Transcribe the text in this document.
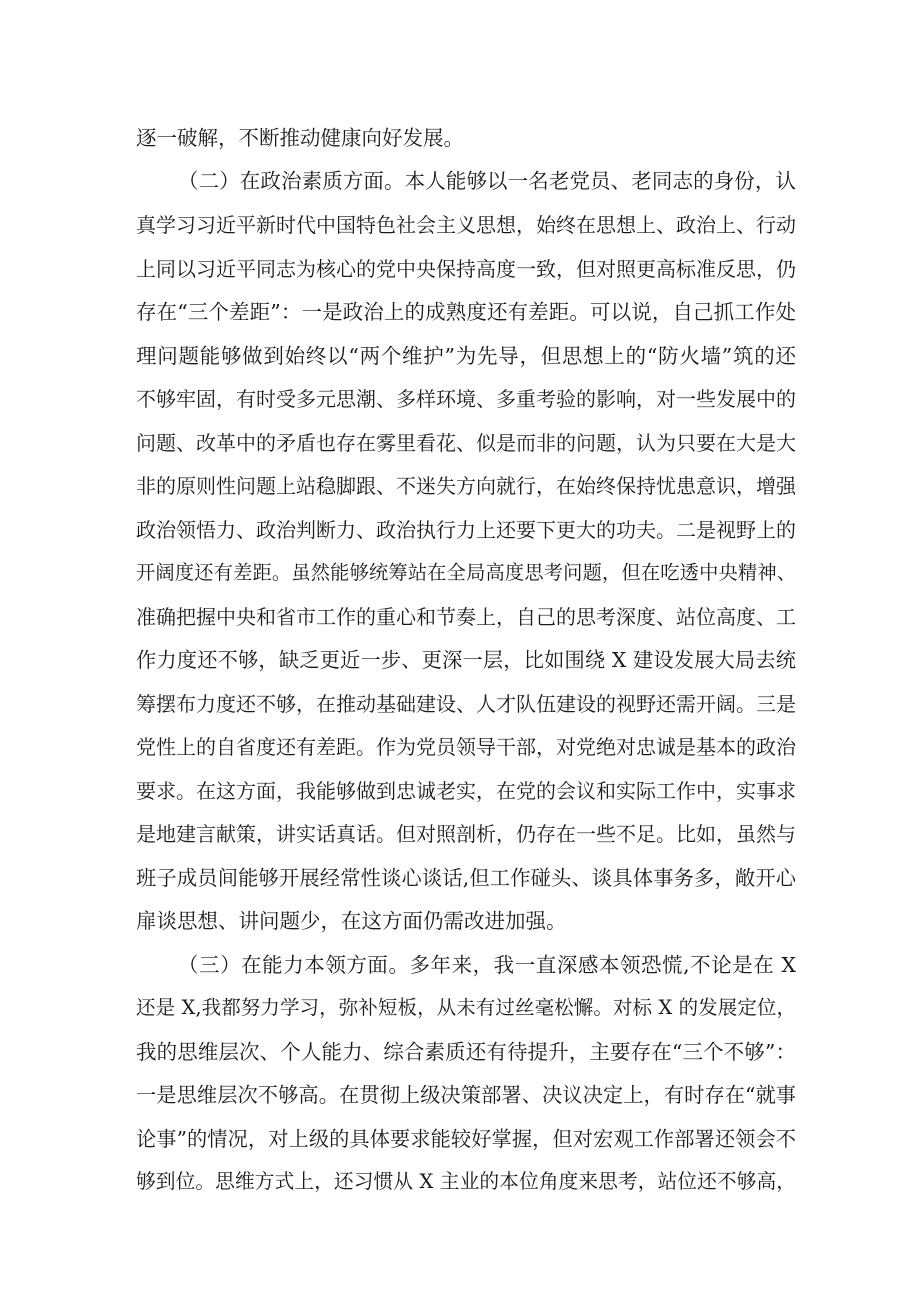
逐一破解，不断推动健康向好发展。
（二）在政治素质方面。本人能够以一名老党员、老同志的身份，认
真学习习近平新时代中国特色社会主义思想，始终在思想上、政治上、行动
上同以习近平同志为核心的党中央保持高度一致，但对照更高标准反思，仍
存在“三个差距”：一是政治上的成熟度还有差距。可以说，自己抓工作处
理问题能够做到始终以“两个维护”为先导，但思想上的“防火墙”筑的还
不够牢固，有时受多元思潮、多样环境、多重考验的影响，对一些发展中的
问题、改革中的矛盾也存在雾里看花、似是而非的问题，认为只要在大是大
非的原则性问题上站稳脚跟、不迷失方向就行，在始终保持忧患意识，增强
政治领悟力、政治判断力、政治执行力上还要下更大的功夫。二是视野上的
开阔度还有差距。虽然能够统筹站在全局高度思考问题，但在吃透中央精神、
准确把握中央和省市工作的重心和节奏上，自己的思考深度、站位高度、工
作力度还不够，缺乏更近一步、更深一层，比如围绕 X 建设发展大局去统
筹摆布力度还不够，在推动基础建设、人才队伍建设的视野还需开阔。三是
党性上的自省度还有差距。作为党员领导干部，对党绝对忠诚是基本的政治
要求。在这方面，我能够做到忠诚老实，在党的会议和实际工作中，实事求
是地建言献策，讲实话真话。但对照剖析，仍存在一些不足。比如，虽然与
班子成员间能够开展经常性谈心谈话,但工作碰头、谈具体事务多，敞开心
扉谈思想、讲问题少，在这方面仍需改进加强。
（三）在能力本领方面。多年来，我一直深感本领恐慌,不论是在 X
还是 X,我都努力学习，弥补短板，从未有过丝毫松懈。对标 X 的发展定位，
我的思维层次、个人能力、综合素质还有待提升，主要存在“三个不够”：
一是思维层次不够高。在贯彻上级决策部署、决议决定上，有时存在“就事
论事”的情况，对上级的具体要求能较好掌握，但对宏观工作部署还领会不
够到位。思维方式上，还习惯从 X 主业的本位角度来思考，站位还不够高，
